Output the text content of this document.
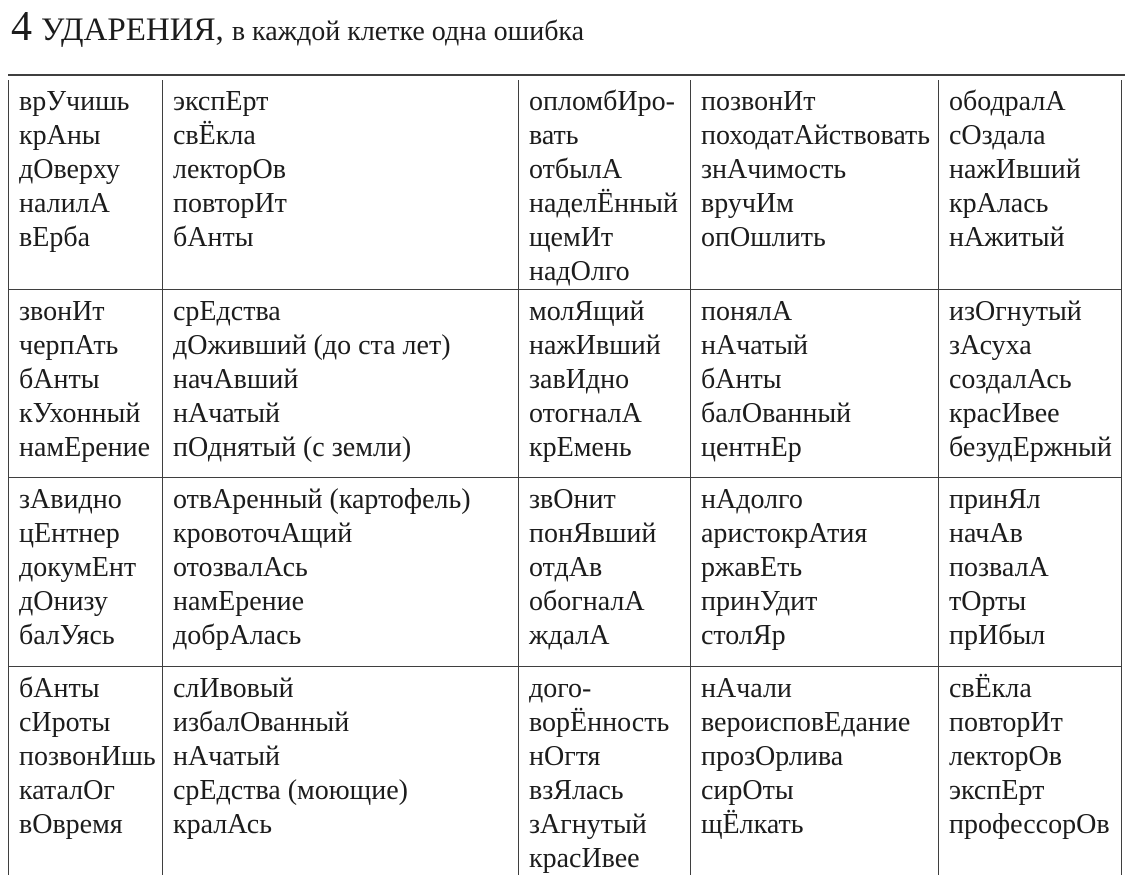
4 УДАРЕНИЯ, в каждой клетке одна ошибка
врУчишь
крАны
дОверху
налилА
вЕрба
экспЕрт
свЁкла
лекторОв
повторИт
бАнты
опломбИро-
вать
отбылА
наделЁнный
щемИт
надОлго
позвонИт
походатАйствовать
знАчимость
вручИм
опОшлить
ободралА
сОздала
нажИвший
крАлась
нАжитый
звонИт
черпАть
бАнты
кУхонный
намЕрение
срЕдства
дОживший (до ста лет)
начАвший
нАчатый
пОднятый (с земли)
молЯщий
нажИвший
завИдно
отогналА
крЕмень
понялА
нАчатый
бАнты
балОванный
центнЕр
изОгнутый
зАсуха
создалАсь
красИвее
безудЕржный
зАвидно
цЕнтнер
докумЕнт
дОнизу
балУясь
отвАренный (картофель)
кровоточАщий
отозвалАсь
намЕрение
добрАлась
звОнит
понЯвший
отдАв
обогналА
ждалА
нАдолго
аристокрАтия
ржавЕть
принУдит
столЯр
принЯл
начАв
позвалА
тОрты
прИбыл
бАнты
сИроты
позвонИшь
каталОг
вОвремя
слИвовый
избалОванный
нАчатый
срЕдства (моющие)
кралАсь
дого-
ворЁнность
нОгтя
взЯлась
зАгнутый
красИвее
нАчали
вероисповЕдание
прозОрлива
сирОты
щЁлкать
свЁкла
повторИт
лекторОв
экспЕрт
профессорОв
